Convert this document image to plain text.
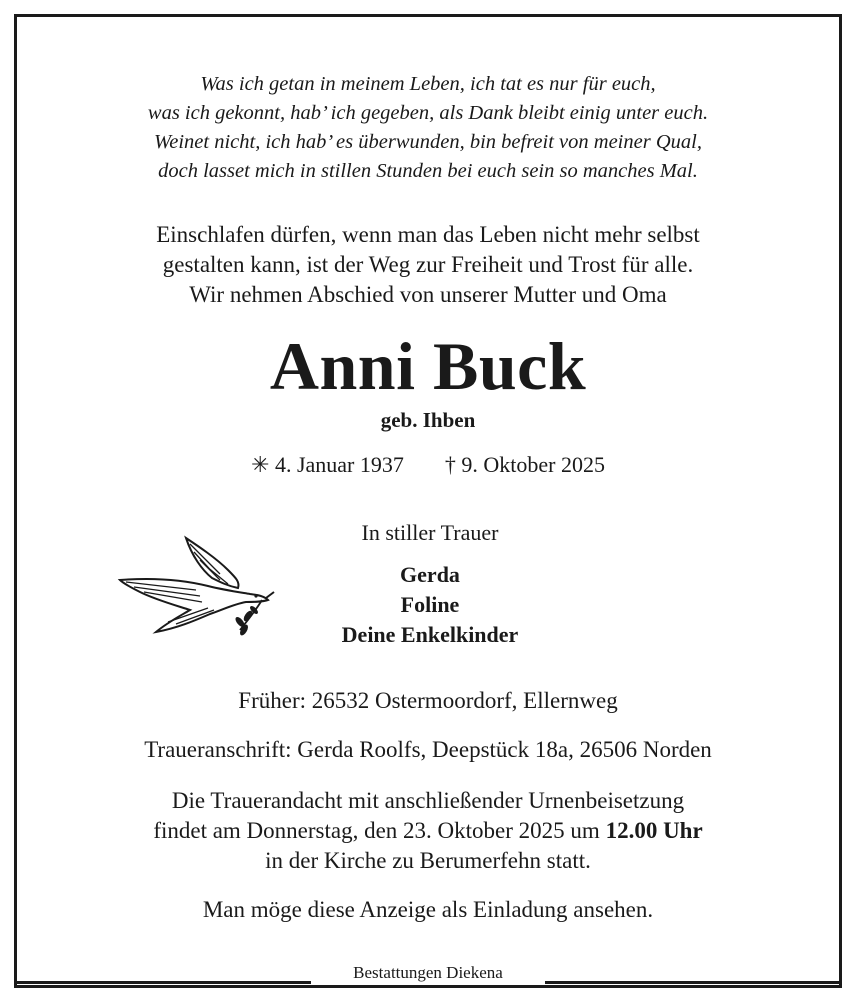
Was ich getan in meinem Leben, ich tat es nur für euch,
was ich gekonnt, hab’ ich gegeben, als Dank bleibt einig unter euch.
Weinet nicht, ich hab’ es überwunden, bin befreit von meiner Qual,
doch lasset mich in stillen Stunden bei euch sein so manches Mal.
Einschlafen dürfen, wenn man das Leben nicht mehr selbst
gestalten kann, ist der Weg zur Freiheit und Trost für alle.
Wir nehmen Abschied von unserer Mutter und Oma
Anni Buck
geb. Ihben
✳ 4. Januar 1937 † 9. Oktober 2025
In stiller Trauer
Gerda
Foline
Deine Enkelkinder
Früher: 26532 Ostermoordorf, Ellernweg
Traueranschrift: Gerda Roolfs, Deepstück 18a, 26506 Norden
Die Trauerandacht mit anschließender Urnenbeisetzung
findet am Donnerstag, den 23. Oktober 2025 um 12.00 Uhr
in der Kirche zu Berumerfehn statt.
Man möge diese Anzeige als Einladung ansehen.
Bestattungen Diekena
